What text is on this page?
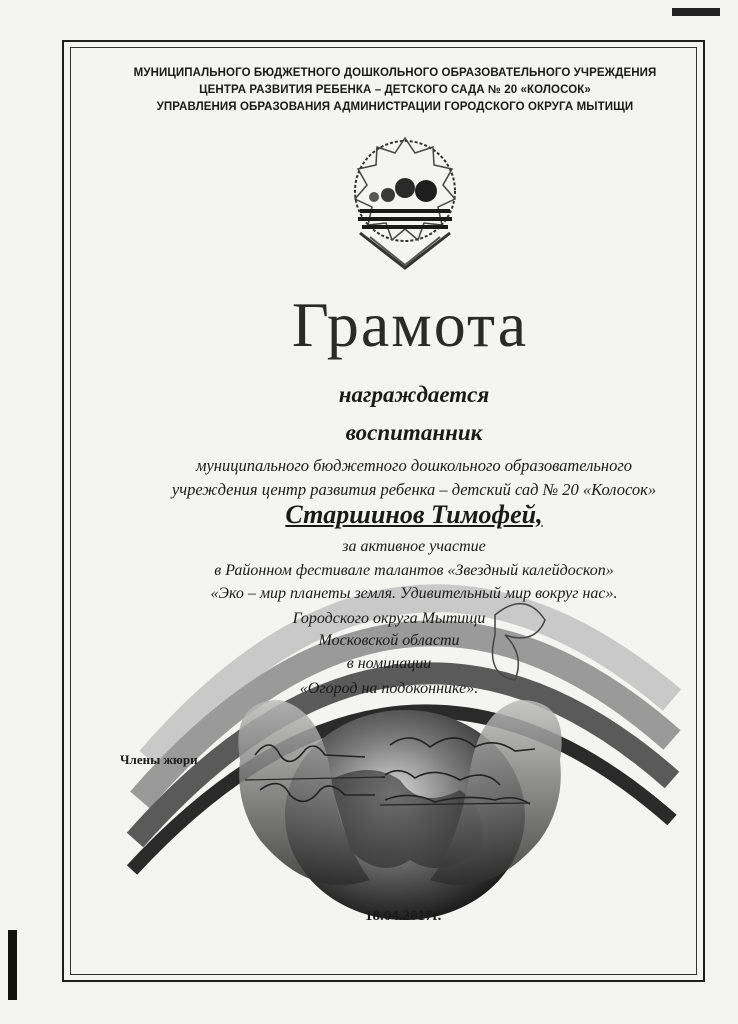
МУНИЦИПАЛЬНОГО БЮДЖЕТНОГО ДОШКОЛЬНОГО ОБРАЗОВАТЕЛЬНОГО УЧРЕЖДЕНИЯ
ЦЕНТРА РАЗВИТИЯ РЕБЕНКА – ДЕТСКОГО САДА № 20 «КОЛОСОК»
УПРАВЛЕНИЯ ОБРАЗОВАНИЯ АДМИНИСТРАЦИИ ГОРОДСКОГО ОКРУГА МЫТИЩИ
Грамота
награждается
воспитанник
муниципального бюджетного дошкольного образовательного
учреждения центр развития ребенка – детский сад № 20 «Колосок»
Старшинов Тимофей,
за активное участие
в Районном фестивале талантов «Звездный калейдоскоп»
«Эко – мир планеты земля. Удивительный мир вокруг нас».
Городского округа Мытищи
Московской области
в номинации
«Огород на подоконнике».
Члены жюри
18.04.2017г.
